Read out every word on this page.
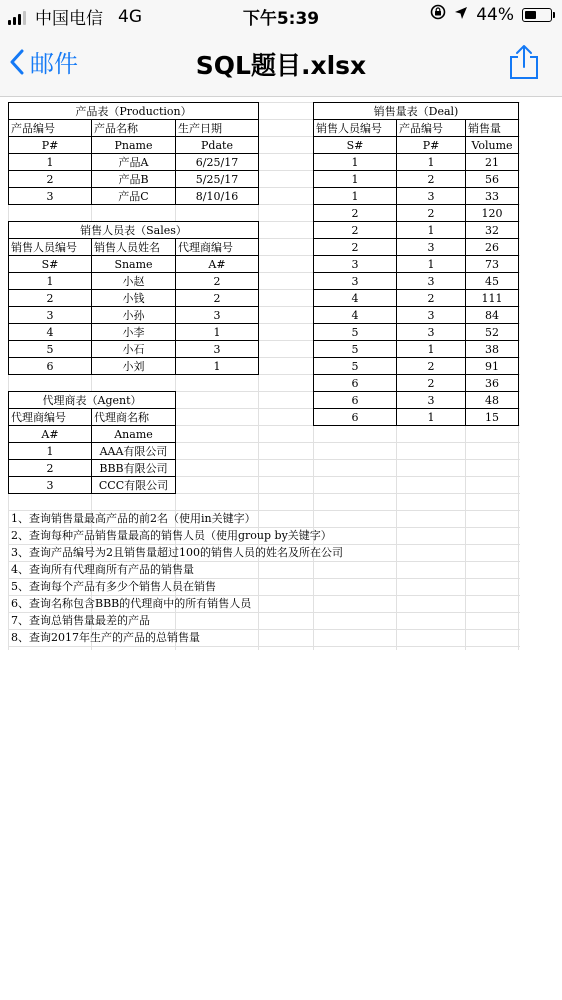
中国电信 4G	下午5:39	44%
邮件	SQL题目.xlsx
产品表（Production）		
产品编号	产品名称	生产日期
P#	Pname	Pdate
1	产品A	6/25/17
2	产品B	5/25/17
3	产品C	8/10/16
销售人员表（Sales）		
销售人员编号	销售人员姓名	代理商编号
S#	Sname	A#
1	小赵	2
2	小钱	2
3	小孙	3
4	小李	1
5	小石	3
6	小刘	1
代理商表（Agent）	
代理商编号	代理商名称
A#	Aname
1	AAA有限公司
2	BBB有限公司
3	CCC有限公司
销售量表（Deal)		
销售人员编号	产品编号	销售量
S#	P#	Volume
1	1	21
1	2	56
1	3	33
2	2	120
2	1	32
2	3	26
3	1	73
3	3	45
4	2	111
4	3	84
5	3	52
5	1	38
5	2	91
6	2	36
6	3	48
6	1	15
1、查询销售量最高产品的前2名（使用in关键字）
2、查询每种产品销售量最高的销售人员（使用group by关键字）
3、查询产品编号为2且销售量超过100的销售人员的姓名及所在公司
4、查询所有代理商所有产品的销售量
5、查询每个产品有多少个销售人员在销售
6、查询名称包含BBB的代理商中的所有销售人员
7、查询总销售量最差的产品
8、查询2017年生产的产品的总销售量
